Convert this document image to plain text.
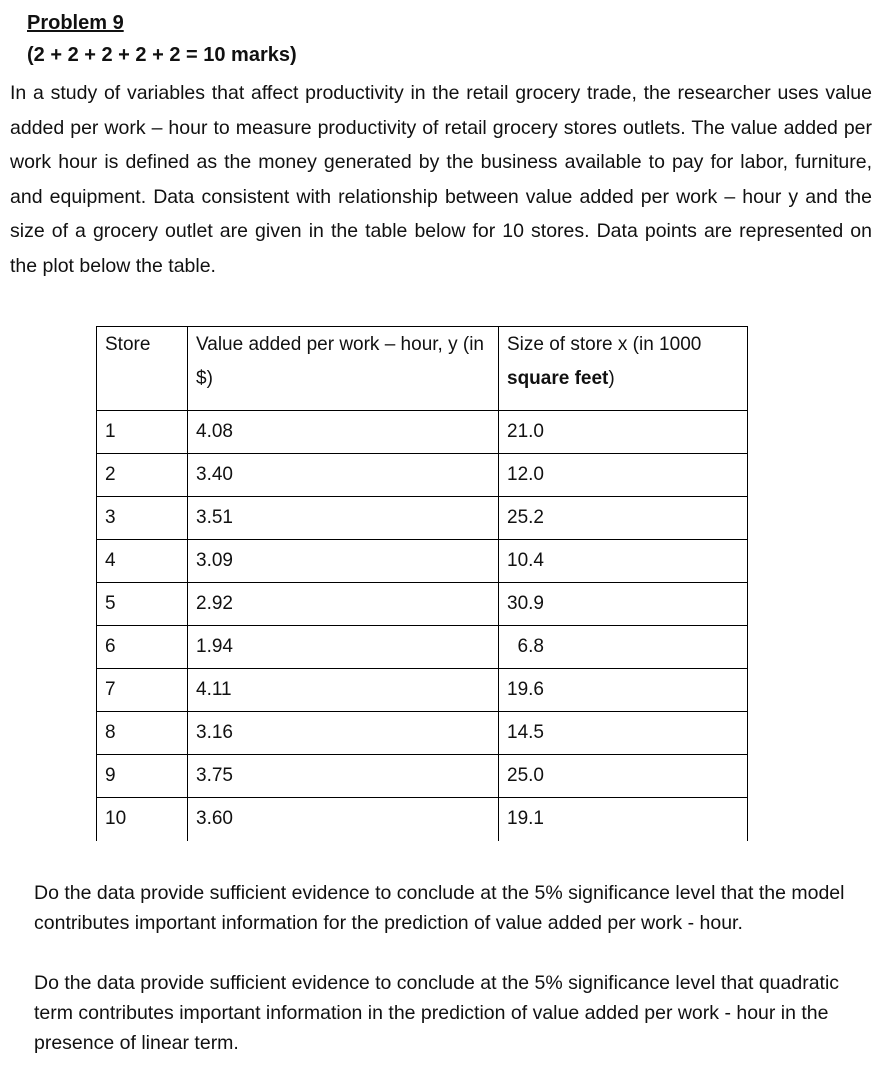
Problem 9
(2 + 2 + 2 + 2 + 2 = 10 marks)
In a study of variables that affect productivity in the retail grocery trade, the researcher uses value added per work – hour to measure productivity of retail grocery stores outlets. The value added per work hour is defined as the money generated by the business available to pay for labor, furniture, and equipment. Data consistent with relationship between value added per work – hour y and the size of a grocery outlet are given in the table below for 10 stores. Data points are represented on the plot below the table.
Store	Value added per work – hour, y (in $)	Size of store x (in 1000 square feet)
1	4.08	21.0
2	3.40	12.0
3	3.51	25.2
4	3.09	10.4
5	2.92	30.9
6	1.94	6.8
7	4.11	19.6
8	3.16	14.5
9	3.75	25.0
10	3.60	19.1
Do the data provide sufficient evidence to conclude at the 5% significance level that the model contributes important information for the prediction of value added per work - hour.
Do the data provide sufficient evidence to conclude at the 5% significance level that quadratic term contributes important information in the prediction of value added per work - hour in the presence of linear term.
